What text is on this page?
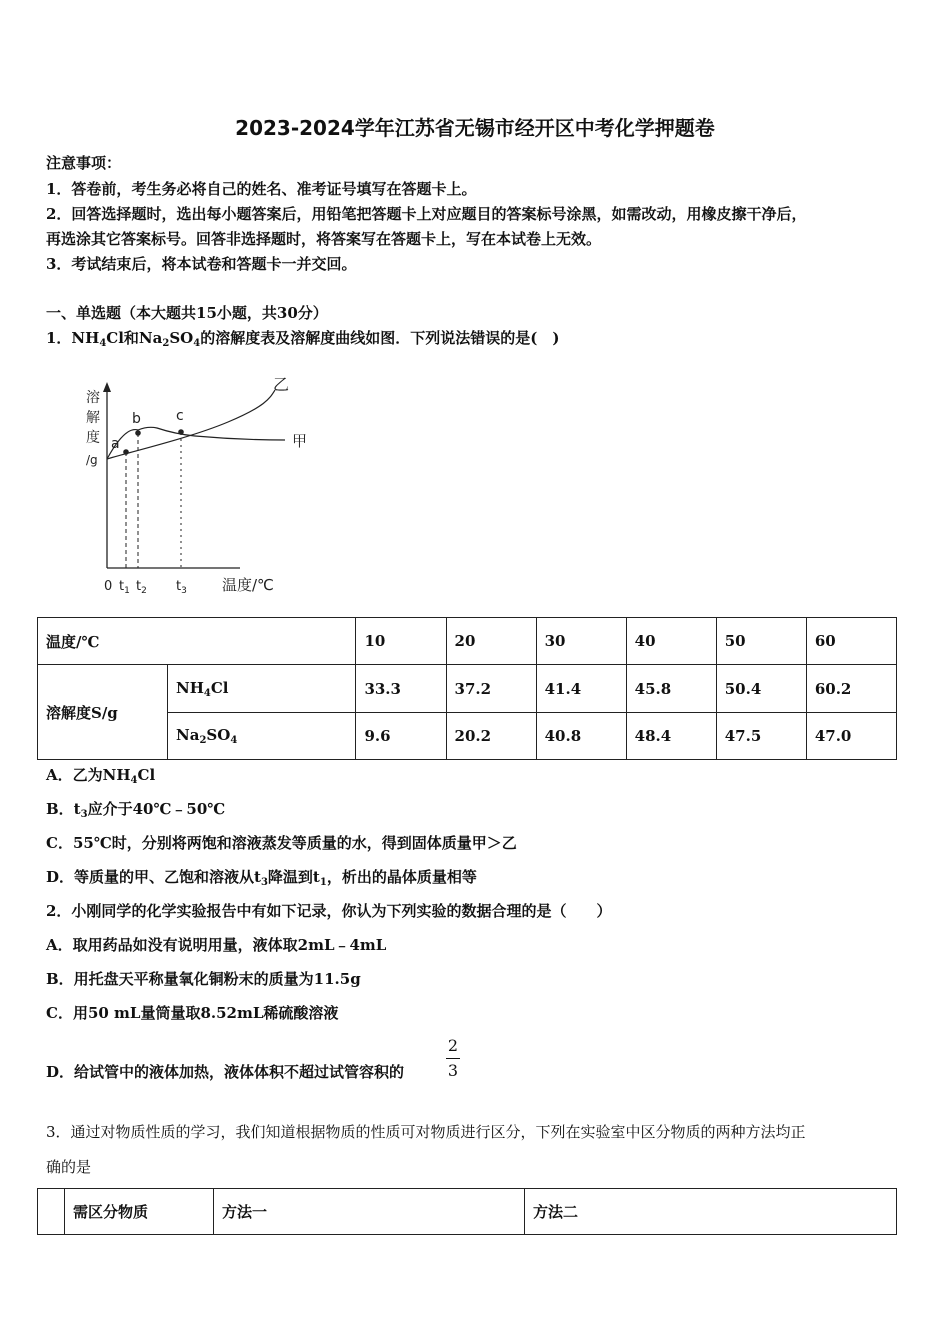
2023-2024学年江苏省无锡市经开区中考化学押题卷
注意事项：
1．答卷前，考生务必将自己的姓名、准考证号填写在答题卡上。
2．回答选择题时，选出每小题答案后，用铅笔把答题卡上对应题目的答案标号涂黑，如需改动，用橡皮擦干净后，
再选涂其它答案标号。回答非选择题时，将答案写在答题卡上，写在本试卷上无效。
3．考试结束后，将本试卷和答题卡一并交回。
一、单选题（本大题共15小题，共30分）
1．$NH_4Cl$和$Na_2SO_4$的溶解度表及溶解度曲线如图．下列说法错误的是(　)
溶
解
度
/g
a
b	c
乙
甲
0 $t_1$ $t_2$ $t_3$ 温度/℃
温度/℃		10	20	30	40	50	60
溶解度S/g	$NH_4Cl$	33.3	37.2	41.4	45.8	50.4	60.2
	$Na_2SO_4$	9.6	20.2	40.8	48.4	47.5	47.0
A．乙为$NH_4Cl$
B．$t_3$应介于40℃﹣50℃
C．55℃时，分别将两饱和溶液蒸发等质量的水，得到固体质量甲＞乙
D．等质量的甲、乙饱和溶液从$t_3$降温到$t_1$，析出的晶体质量相等
2．小刚同学的化学实验报告中有如下记录，你认为下列实验的数据合理的是（　　）
A．取用药品如没有说明用量，液体取2mL﹣4mL
B．用托盘天平称量氧化铜粉末的质量为11.5g
C．用50 mL量筒量取8.52mL稀硫酸溶液
D．给试管中的液体加热，液体体积不超过试管容积的
2
3
3．通过对物质性质的学习，我们知道根据物质的性质可对物质进行区分，下列在实验室中区分物质的两种方法均正
确的是
	需区分物质	方法一	方法二
